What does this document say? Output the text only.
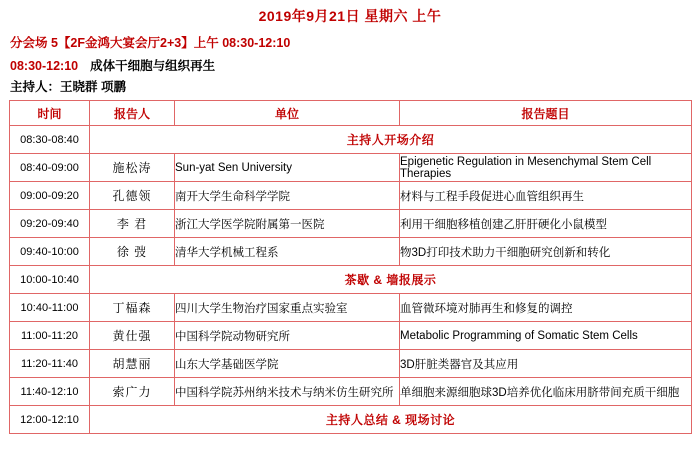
2019年9月21日 星期六 上午
分会场 5【2F金鸿大宴会厅2+3】上午 08:30-12:10
08:30-12:10 成体干细胞与组织再生
主持人：王晓群 项鹏
时间	报告人	单位	报告题目
08:30-08:40	主持人开场介绍		
08:40-09:00	施松涛	Sun-yat Sen University	Epigenetic Regulation in Mesenchymal Stem Cell Therapies
09:00-09:20	孔德领	南开大学生命科学学院	材料与工程手段促进心血管组织再生
09:20-09:40	李 君	浙江大学医学院附属第一医院	利用干细胞移植创建乙肝肝硬化小鼠模型
09:40-10:00	徐 弢	清华大学机械工程系	物3D打印技术助力干细胞研究创新和转化
10:00-10:40	茶歇 & 墙报展示		
10:40-11:00	丁楅森	四川大学生物治疗国家重点实验室	血管微环境对肺再生和修复的调控
11:00-11:20	黄仕强	中国科学院动物研究所	Metabolic Programming of Somatic Stem Cells
11:20-11:40	胡慧丽	山东大学基础医学院	3D肝脏类器官及其应用
11:40-12:10	索广力	中国科学院苏州纳米技术与纳米仿生研究所	单细胞来源细胞球3D培养优化临床用脐带间充质干细胞
12:00-12:10	主持人总结 & 现场讨论		
